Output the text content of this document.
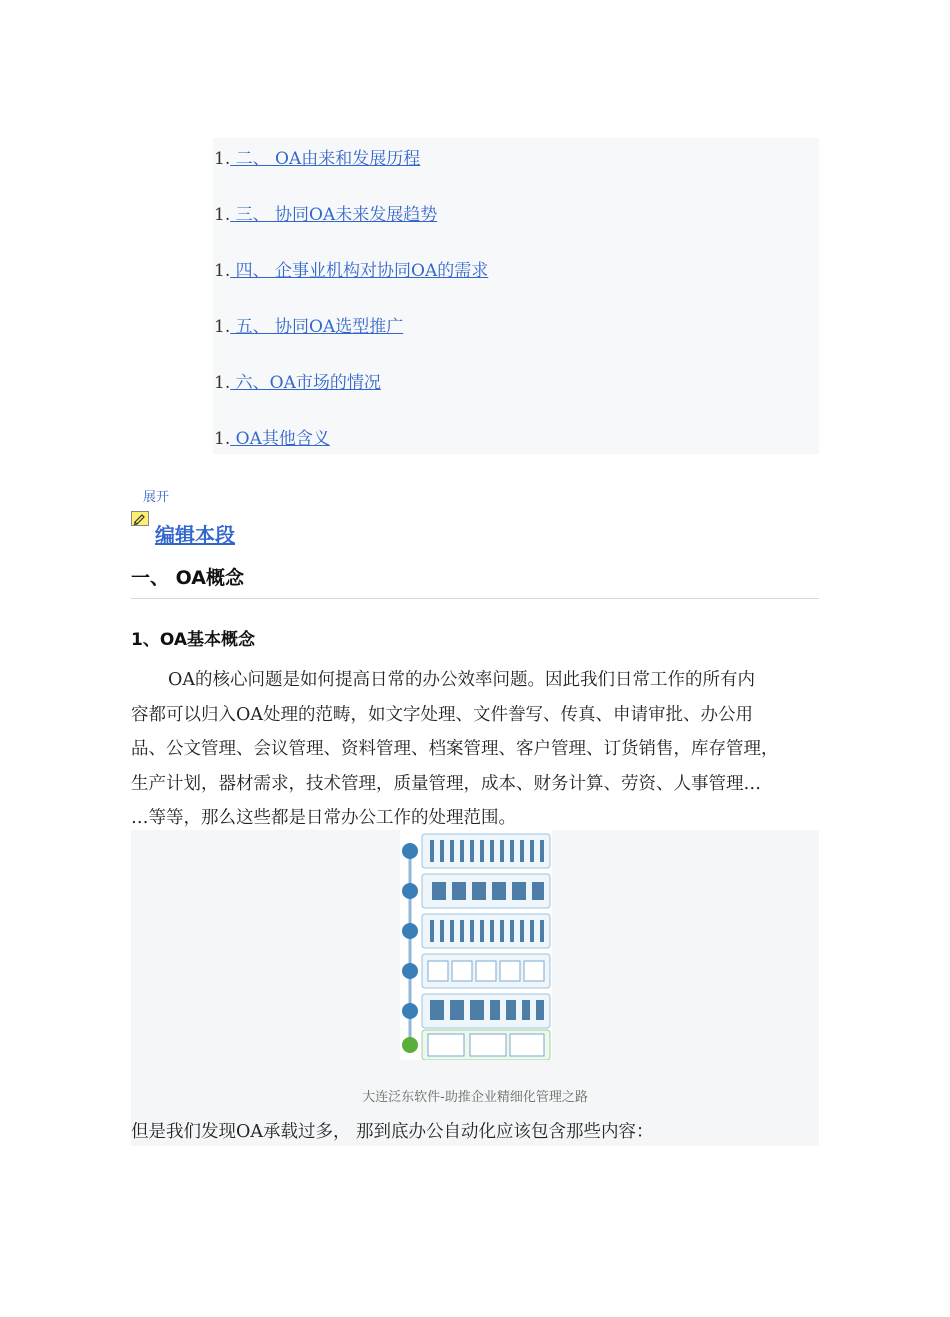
1. 二、 OA由来和发展历程
1. 三、 协同OA未来发展趋势
1. 四、 企事业机构对协同OA的需求
1. 五、 协同OA选型推广
1. 六、OA市场的情况
1. OA其他含义
展开
编辑本段
一、 OA概念
1、OA基本概念
OA的核心问题是如何提高日常的办公效率问题。因此我们日常工作的所有内
容都可以归入OA处理的范畴，如文字处理、文件誊写、传真、申请审批、办公用
品、公文管理、会议管理、资料管理、档案管理、客户管理、订货销售，库存管理，
生产计划，器材需求，技术管理，质量管理，成本、财务计算、劳资、人事管理…
…等等，那么这些都是日常办公工作的处理范围。
大连泛东软件-助推企业精细化管理之路
但是我们发现OA承载过多， 那到底办公自动化应该包含那些内容：
